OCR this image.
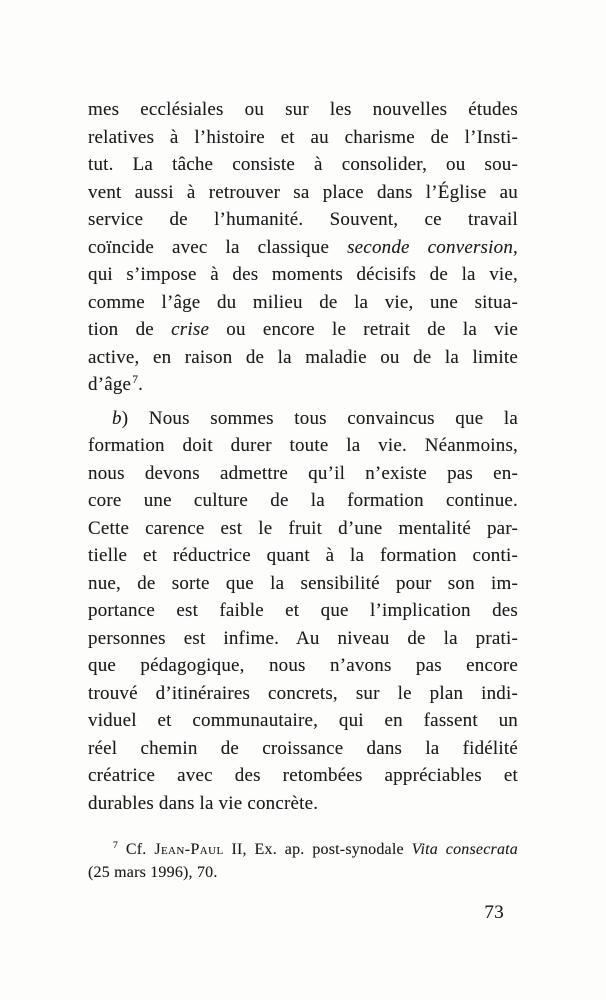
mes ecclésiales ou sur les nouvelles études
relatives à l’histoire et au charisme de l’Insti-
tut. La tâche consiste à consolider, ou sou-
vent aussi à retrouver sa place dans l’Église au
service de l’humanité. Souvent, ce travail
coïncide avec la classique seconde conversion,
qui s’impose à des moments décisifs de la vie,
comme l’âge du milieu de la vie, une situa-
tion de crise ou encore le retrait de la vie
active, en raison de la maladie ou de la limite
d’âge$^7$.
b) Nous sommes tous convaincus que la
formation doit durer toute la vie. Néanmoins,
nous devons admettre qu’il n’existe pas en-
core une culture de la formation continue.
Cette carence est le fruit d’une mentalité par-
tielle et réductrice quant à la formation conti-
nue, de sorte que la sensibilité pour son im-
portance est faible et que l’implication des
personnes est infime. Au niveau de la prati-
que pédagogique, nous n’avons pas encore
trouvé d’itinéraires concrets, sur le plan indi-
viduel et communautaire, qui en fassent un
réel chemin de croissance dans la fidélité
créatrice avec des retombées appréciables et
durables dans la vie concrète.
$^7$ Cf. Jean-Paul II, Ex. ap. post-synodale Vita consecrata
(25 mars 1996), 70.
73
